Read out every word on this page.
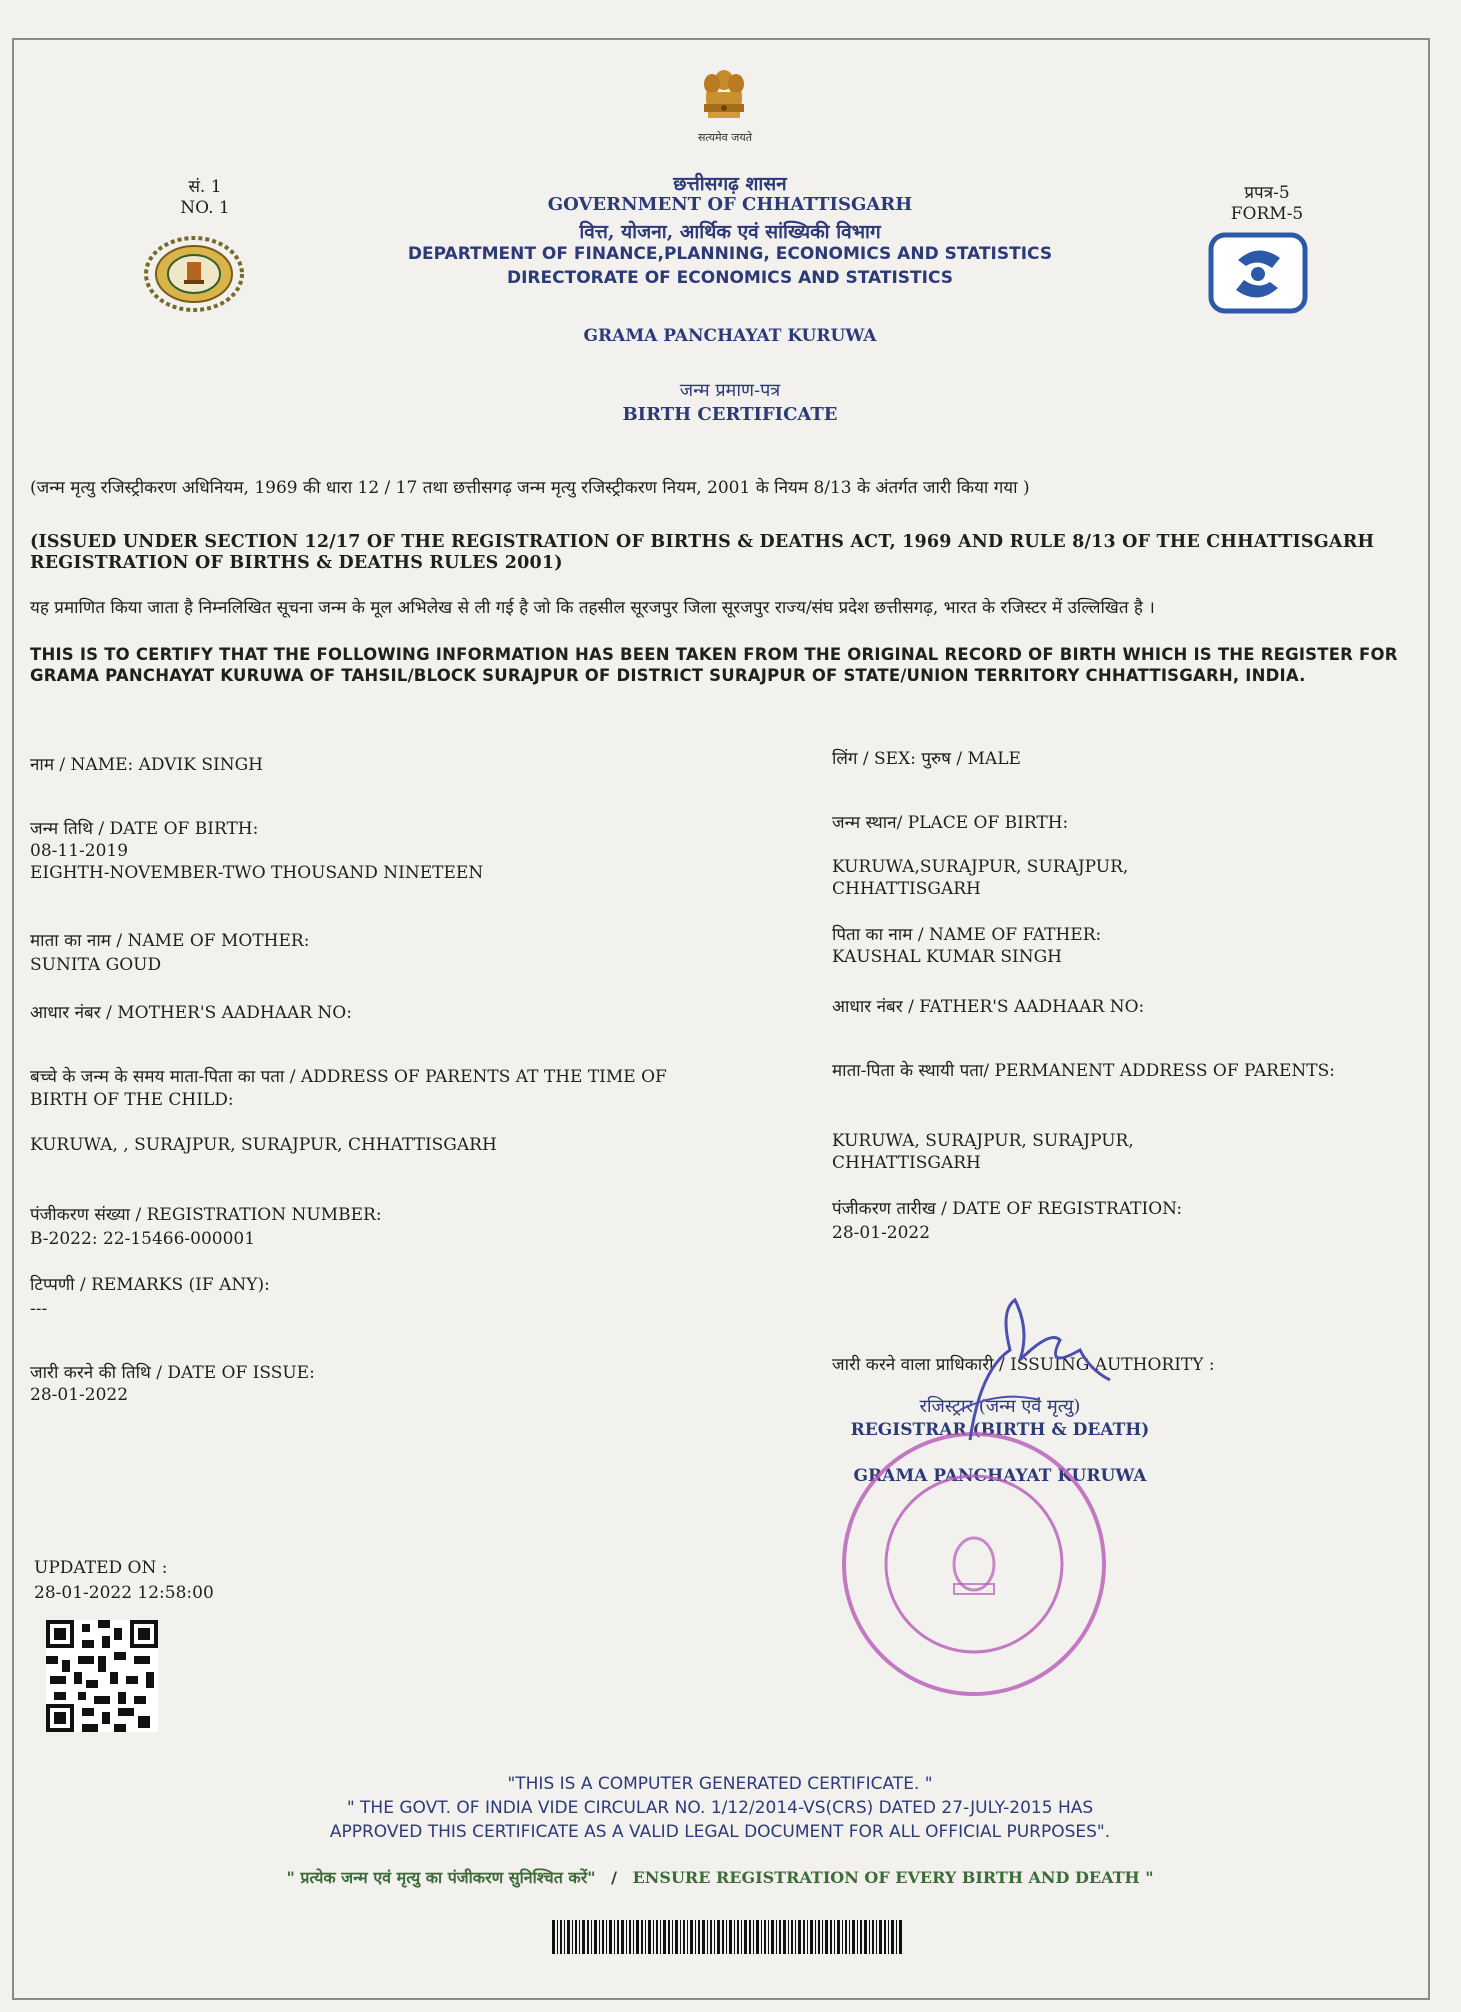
सत्यमेव जयते
सं. 1
NO. 1
प्रपत्र-5
FORM-5
छत्तीसगढ़ शासन
GOVERNMENT OF CHHATTISGARH
वित्त, योजना, आर्थिक एवं सांख्यिकी विभाग
DEPARTMENT OF FINANCE,PLANNING, ECONOMICS AND STATISTICS
DIRECTORATE OF ECONOMICS AND STATISTICS
GRAMA PANCHAYAT KURUWA
जन्म प्रमाण-पत्र
BIRTH CERTIFICATE
(जन्म मृत्यु रजिस्ट्रीकरण अधिनियम, 1969 की धारा 12 / 17 तथा छत्तीसगढ़ जन्म मृत्यु रजिस्ट्रीकरण नियम, 2001 के नियम 8/13 के अंतर्गत जारी किया गया )
(ISSUED UNDER SECTION 12/17 OF THE REGISTRATION OF BIRTHS & DEATHS ACT, 1969 AND RULE 8/13 OF THE CHHATTISGARH REGISTRATION OF BIRTHS & DEATHS RULES 2001)
यह प्रमाणित किया जाता है निम्नलिखित सूचना जन्म के मूल अभिलेख से ली गई है जो कि तहसील सूरजपुर जिला सूरजपुर राज्य/संघ प्रदेश छत्तीसगढ़, भारत के रजिस्टर में उल्लिखित है ।
THIS IS TO CERTIFY THAT THE FOLLOWING INFORMATION HAS BEEN TAKEN FROM THE ORIGINAL RECORD OF BIRTH WHICH IS THE REGISTER FOR GRAMA PANCHAYAT KURUWA OF TAHSIL/BLOCK SURAJPUR OF DISTRICT SURAJPUR OF STATE/UNION TERRITORY CHHATTISGARH, INDIA.
नाम / NAME: ADVIK SINGH
जन्म तिथि / DATE OF BIRTH:
08-11-2019
EIGHTH-NOVEMBER-TWO THOUSAND NINETEEN
माता का नाम / NAME OF MOTHER:
SUNITA GOUD
आधार नंबर / MOTHER'S AADHAAR NO:
बच्चे के जन्म के समय माता-पिता का पता / ADDRESS OF PARENTS AT THE TIME OF
BIRTH OF THE CHILD:
KURUWA, , SURAJPUR, SURAJPUR, CHHATTISGARH
पंजीकरण संख्या / REGISTRATION NUMBER:
B-2022: 22-15466-000001
टिप्पणी / REMARKS (IF ANY):
---
जारी करने की तिथि / DATE OF ISSUE:
28-01-2022
लिंग / SEX: पुरुष / MALE
जन्म स्थान/ PLACE OF BIRTH:
KURUWA,SURAJPUR, SURAJPUR,
CHHATTISGARH
पिता का नाम / NAME OF FATHER:
KAUSHAL KUMAR SINGH
आधार नंबर / FATHER'S AADHAAR NO:
माता-पिता के स्थायी पता/ PERMANENT ADDRESS OF PARENTS:
KURUWA, SURAJPUR, SURAJPUR,
CHHATTISGARH
पंजीकरण तारीख / DATE OF REGISTRATION:
28-01-2022
जारी करने वाला प्राधिकारी / ISSUING AUTHORITY :
रजिस्ट्रार (जन्म एवं मृत्यु)
REGISTRAR (BIRTH & DEATH)
GRAMA PANCHAYAT KURUWA
UPDATED ON :
28-01-2022 12:58:00
"THIS IS A COMPUTER GENERATED CERTIFICATE. "
" THE GOVT. OF INDIA VIDE CIRCULAR NO. 1/12/2014-VS(CRS) DATED 27-JULY-2015 HAS
APPROVED THIS CERTIFICATE AS A VALID LEGAL DOCUMENT FOR ALL OFFICIAL PURPOSES".
" प्रत्येक जन्म एवं मृत्यु का पंजीकरण सुनिश्चित करें" / ENSURE REGISTRATION OF EVERY BIRTH AND DEATH "
